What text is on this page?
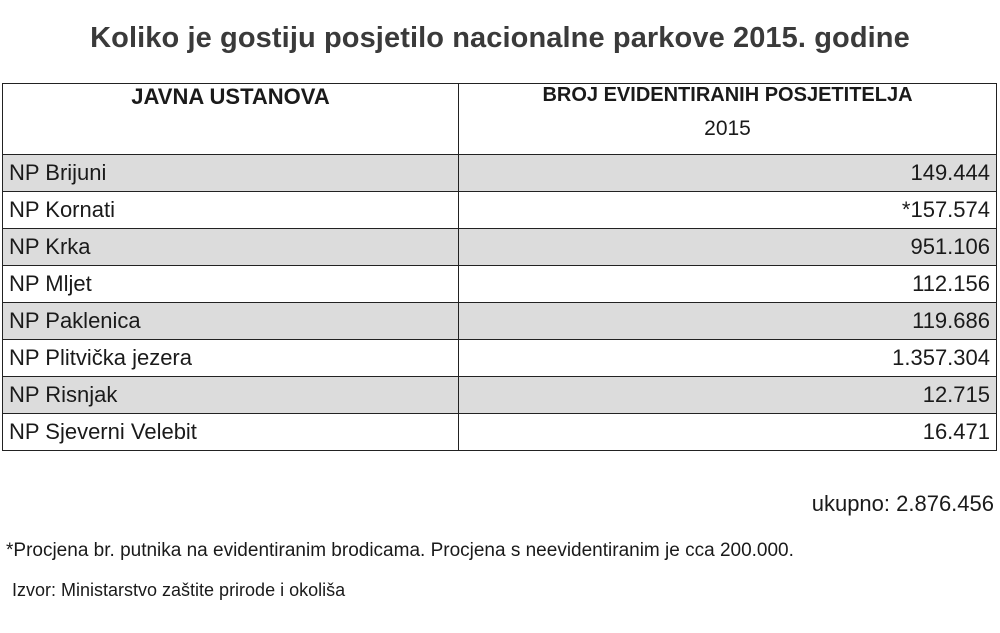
Koliko je gostiju posjetilo nacionalne parkove 2015. godine
JAVNA USTANOVA	BROJ EVIDENTIRANIH POSJETITELJA
2015

NP Brijuni	149.444
NP Kornati	*157.574
NP Krka	951.106
NP Mljet	112.156
NP Paklenica	119.686
NP Plitvička jezera	1.357.304
NP Risnjak	12.715
NP Sjeverni Velebit	16.471
ukupno: 2.876.456
*Procjena br. putnika na evidentiranim brodicama. Procjena s neevidentiranim je cca 200.000.
Izvor: Ministarstvo zaštite prirode i okoliša
